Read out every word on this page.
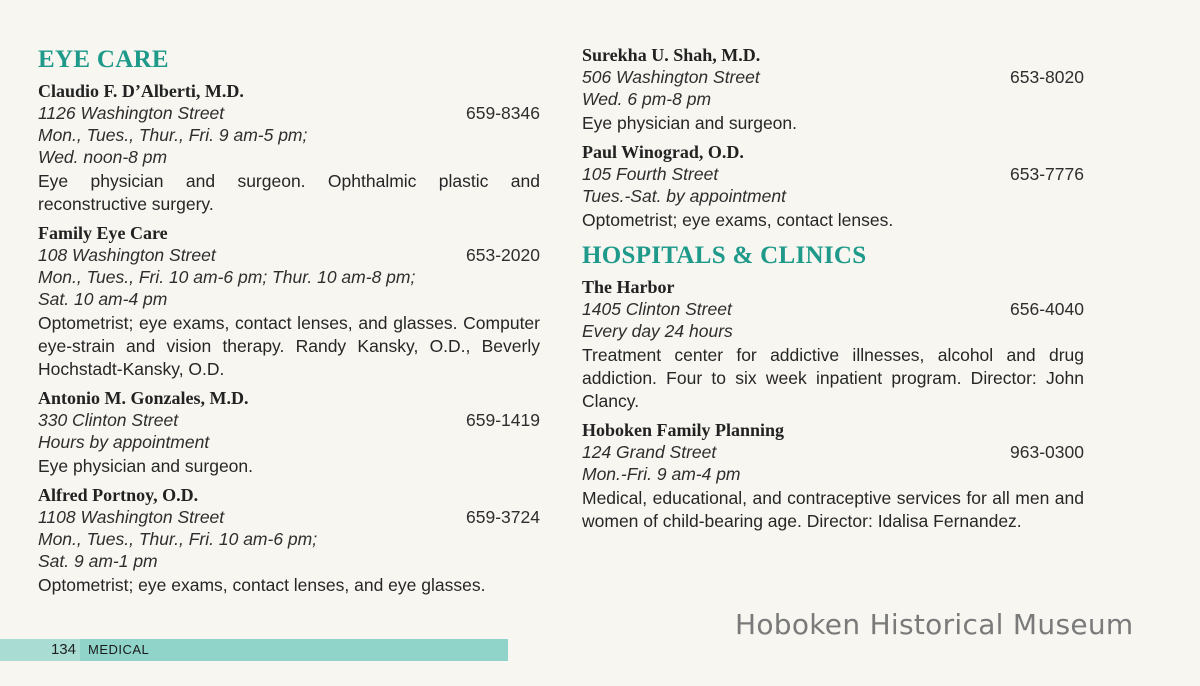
EYE CARE
Claudio F. D’Alberti, M.D.
1126 Washington Street	659-8346
Mon., Tues., Thur., Fri. 9 am-5 pm;
Wed. noon-8 pm
Eye physician and surgeon. Ophthalmic plastic and reconstructive surgery.
Family Eye Care
108 Washington Street	653-2020
Mon., Tues., Fri. 10 am-6 pm; Thur. 10 am-8 pm;
Sat. 10 am-4 pm
Optometrist; eye exams, contact lenses, and glasses. Computer eye-strain and vision therapy. Randy Kansky, O.D., Beverly Hochstadt-Kansky, O.D.
Antonio M. Gonzales, M.D.
330 Clinton Street	659-1419
Hours by appointment
Eye physician and surgeon.
Alfred Portnoy, O.D.
1108 Washington Street	659-3724
Mon., Tues., Thur., Fri. 10 am-6 pm;
Sat. 9 am-1 pm
Optometrist; eye exams, contact lenses, and eye glasses.
Surekha U. Shah, M.D.
506 Washington Street	653-8020
Wed. 6 pm-8 pm
Eye physician and surgeon.
Paul Winograd, O.D.
105 Fourth Street	653-7776
Tues.-Sat. by appointment
Optometrist; eye exams, contact lenses.
HOSPITALS & CLINICS
The Harbor
1405 Clinton Street	656-4040
Every day 24 hours
Treatment center for addictive illnesses, alcohol and drug addiction. Four to six week inpatient program. Director: John Clancy.
Hoboken Family Planning
124 Grand Street	963-0300
Mon.-Fri. 9 am-4 pm
Medical, educational, and contraceptive services for all men and women of child-bearing age. Director: Idalisa Fernandez.
134 MEDICAL
Hoboken Historical Museum
